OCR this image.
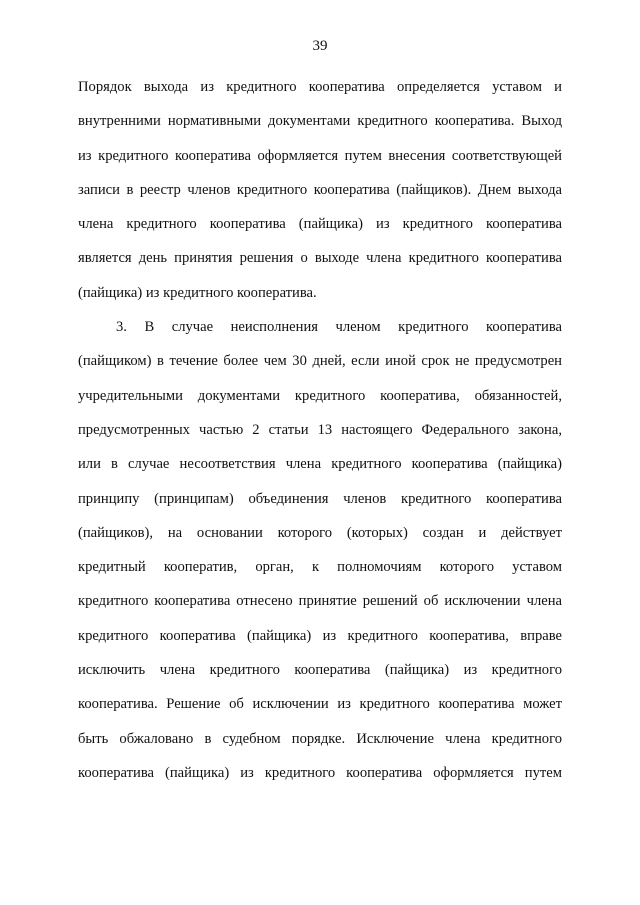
39
Порядок выхода из кредитного кооператива определяется уставом и
внутренними нормативными документами кредитного кооператива. Выход
из кредитного кооператива оформляется путем внесения соответствующей
записи в реестр членов кредитного кооператива (пайщиков). Днем выхода
члена кредитного кооператива (пайщика) из кредитного кооператива
является день принятия решения о выходе члена кредитного кооператива
(пайщика) из кредитного кооператива.
3. В случае неисполнения членом кредитного кооператива
(пайщиком) в течение более чем 30 дней, если иной срок не предусмотрен
учредительными документами кредитного кооператива, обязанностей,
предусмотренных частью 2 статьи 13 настоящего Федерального закона,
или в случае несоответствия члена кредитного кооператива (пайщика)
принципу (принципам) объединения членов кредитного кооператива
(пайщиков), на основании которого (которых) создан и действует
кредитный кооператив, орган, к полномочиям которого уставом
кредитного кооператива отнесено принятие решений об исключении члена
кредитного кооператива (пайщика) из кредитного кооператива, вправе
исключить члена кредитного кооператива (пайщика) из кредитного
кооператива. Решение об исключении из кредитного кооператива может
быть обжаловано в судебном порядке. Исключение члена кредитного
кооператива (пайщика) из кредитного кооператива оформляется путем
